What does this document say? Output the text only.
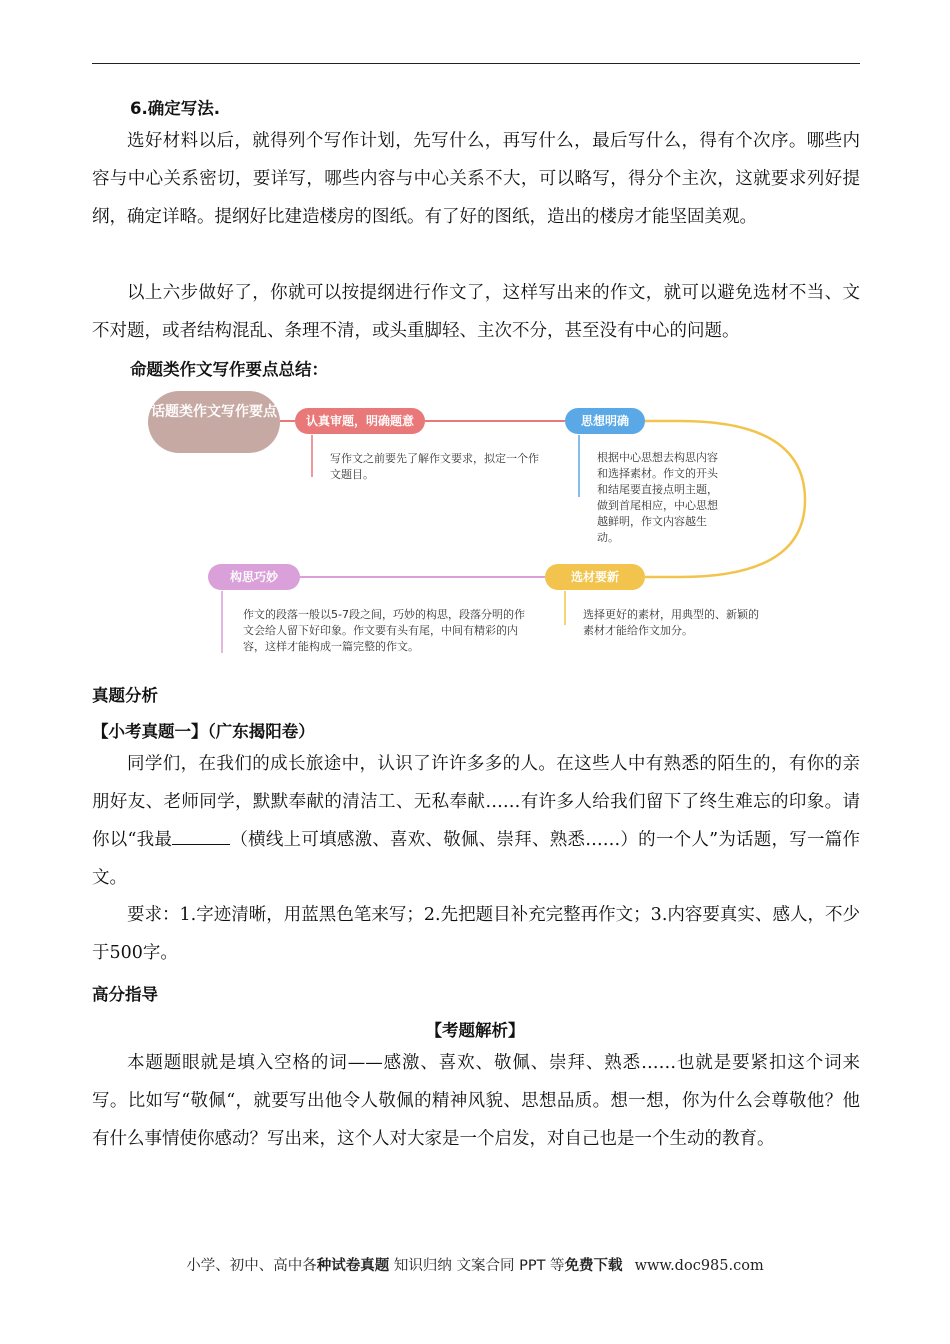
6.确定写法.

选好材料以后，就得列个写作计划，先写什么，再写什么，最后写什么，得有个次序。哪些内容与中心关系密切，要详写，哪些内容与中心关系不大，可以略写，得分个主次，这就要求列好提纲，确定详略。提纲好比建造楼房的图纸。有了好的图纸，造出的楼房才能坚固美观。

以上六步做好了，你就可以按提纲进行作文了，这样写出来的作文，就可以避免选材不当、文不对题，或者结构混乱、条理不清，或头重脚轻、主次不分，甚至没有中心的问题。

命题类作文写作要点总结：

话题类作文写作要点
认真审题，明确题意
写作文之前要先了解作文要求，拟定一个作文题目。
思想明确
根据中心思想去构思内容和选择素材。作文的开头和结尾要直接点明主题，做到首尾相应，中心思想越鲜明，作文内容越生动。
选材要新
选择更好的素材，用典型的、新颖的素材才能给作文加分。
构思巧妙
作文的段落一般以5-7段之间，巧妙的构思，段落分明的作文会给人留下好印象。作文要有头有尾，中间有精彩的内容，这样才能构成一篇完整的作文。

真题分析

【小考真题一】（广东揭阳卷）

同学们，在我们的成长旅途中，认识了许许多多的人。在这些人中有熟悉的陌生的，有你的亲朋好友、老师同学，默默奉献的清洁工、无私奉献……有许多人给我们留下了终生难忘的印象。请你以“我最	（横线上可填感激、喜欢、敬佩、崇拜、熟悉……）的一个人”为话题，写一篇作文。

要求：1.字迹清晰，用蓝黑色笔来写；2.先把题目补充完整再作文；3.内容要真实、感人，不少于500字。

高分指导

【考题解析】

本题题眼就是填入空格的词——感激、喜欢、敬佩、崇拜、熟悉……也就是要紧扣这个词来写。比如写“敬佩“，就要写出他令人敬佩的精神风貌、思想品质。想一想，你为什么会尊敬他？他有什么事情使你感动？写出来，这个人对大家是一个启发，对自己也是一个生动的教育。

小学、初中、高中各种试卷真题 知识归纳 文案合同 PPT 等免费下载 www.doc985.com
